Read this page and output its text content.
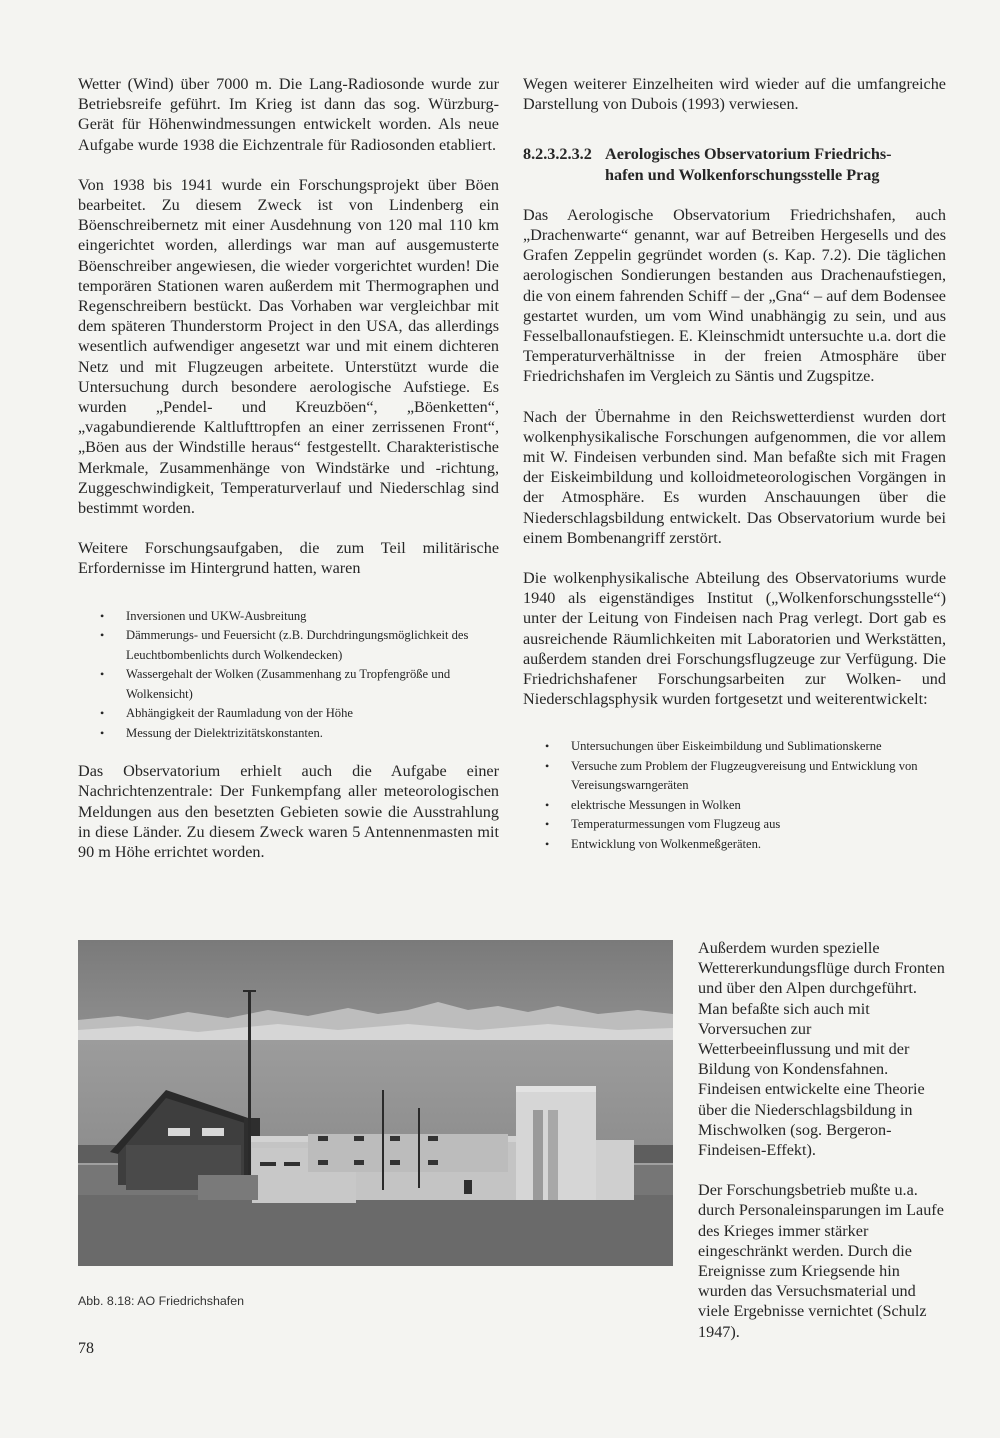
Wetter (Wind) über 7000 m. Die Lang-Radiosonde wurde zur Betriebsreife geführt. Im Krieg ist dann das sog. Würzburg-Gerät für Höhenwindmessungen entwickelt worden. Als neue Aufgabe wurde 1938 die Eichzentrale für Radiosonden etabliert.

Von 1938 bis 1941 wurde ein Forschungsprojekt über Böen bearbeitet. Zu diesem Zweck ist von Lindenberg ein Böenschreibernetz mit einer Ausdehnung von 120 mal 110 km eingerichtet worden, allerdings war man auf ausgemusterte Böenschreiber angewiesen, die wieder vorgerichtet wurden! Die temporären Stationen waren außerdem mit Thermographen und Regenschreibern bestückt. Das Vorhaben war vergleichbar mit dem späteren Thunderstorm Project in den USA, das allerdings wesentlich aufwendiger angesetzt war und mit einem dichteren Netz und mit Flugzeugen arbeitete. Unterstützt wurde die Untersuchung durch besondere aerologische Aufstiege. Es wurden „Pendel- und Kreuzböen“, „Böenketten“, „vagabundierende Kaltlufttropfen an einer zerrissenen Front“, „Böen aus der Windstille heraus“ festgestellt. Charakteristische Merkmale, Zusammenhänge von Windstärke und -richtung, Zuggeschwindigkeit, Temperaturverlauf und Niederschlag sind bestimmt worden.

Weitere Forschungsaufgaben, die zum Teil militärische Erfordernisse im Hintergrund hatten, waren

• Inversionen und UKW-Ausbreitung
• Dämmerungs- und Feuersicht (z.B. Durchdringungsmöglichkeit des Leuchtbombenlichts durch Wolkendecken)
• Wassergehalt der Wolken (Zusammenhang zu Tropfengröße und Wolkensicht)
• Abhängigkeit der Raumladung von der Höhe
• Messung der Dielektrizitätskonstanten.

Das Observatorium erhielt auch die Aufgabe einer Nachrichtenzentrale: Der Funkempfang aller meteorologischen Meldungen aus den besetzten Gebieten sowie die Ausstrahlung in diese Länder. Zu diesem Zweck waren 5 Antennenmasten mit 90 m Höhe errichtet worden.

Wegen weiterer Einzelheiten wird wieder auf die umfangreiche Darstellung von Dubois (1993) verwiesen.

8.2.3.2.3.2 Aerologisches Observatorium Friedrichs-
hafen und Wolkenforschungsstelle Prag

Das Aerologische Observatorium Friedrichshafen, auch „Drachenwarte“ genannt, war auf Betreiben Hergesells und des Grafen Zeppelin gegründet worden (s. Kap. 7.2). Die täglichen aerologischen Sondierungen bestanden aus Drachenaufstiegen, die von einem fahrenden Schiff – der „Gna“ – auf dem Bodensee gestartet wurden, um vom Wind unabhängig zu sein, und aus Fesselballonaufstiegen. E. Kleinschmidt untersuchte u.a. dort die Temperaturverhältnisse in der freien Atmosphäre über Friedrichshafen im Vergleich zu Säntis und Zugspitze.

Nach der Übernahme in den Reichswetterdienst wurden dort wolkenphysikalische Forschungen aufgenommen, die vor allem mit W. Findeisen verbunden sind. Man befaßte sich mit Fragen der Eiskeimbildung und kolloidmeteorologischen Vorgängen in der Atmosphäre. Es wurden Anschauungen über die Niederschlagsbildung entwickelt. Das Observatorium wurde bei einem Bombenangriff zerstört.

Die wolkenphysikalische Abteilung des Observatoriums wurde 1940 als eigenständiges Institut („Wolkenforschungsstelle“) unter der Leitung von Findeisen nach Prag verlegt. Dort gab es ausreichende Räumlichkeiten mit Laboratorien und Werkstätten, außerdem standen drei Forschungsflugzeuge zur Verfügung. Die Friedrichshafener Forschungsarbeiten zur Wolken- und Niederschlagsphysik wurden fortgesetzt und weiterentwickelt:

• Untersuchungen über Eiskeimbildung und Sublimationskerne
• Versuche zum Problem der Flugzeugvereisung und Entwicklung von Vereisungswarngeräten
• elektrische Messungen in Wolken
• Temperaturmessungen vom Flugzeug aus
• Entwicklung von Wolkenmeßgeräten.
Abb. 8.18: AO Friedrichshafen

Außerdem wurden spezielle Wettererkundungsflüge durch Fronten und über den Alpen durchgeführt. Man befaßte sich auch mit Vorversuchen zur Wetterbeeinflussung und mit der Bildung von Kondensfahnen. Findeisen entwickelte eine Theorie über die Niederschlagsbildung in Mischwolken (sog. Bergeron-Findeisen-Effekt).

Der Forschungsbetrieb mußte u.a. durch Personaleinsparungen im Laufe des Krieges immer stärker eingeschränkt werden. Durch die Ereignisse zum Kriegsende hin wurden das Versuchsmaterial und viele Ergebnisse vernichtet (Schulz 1947).

78
